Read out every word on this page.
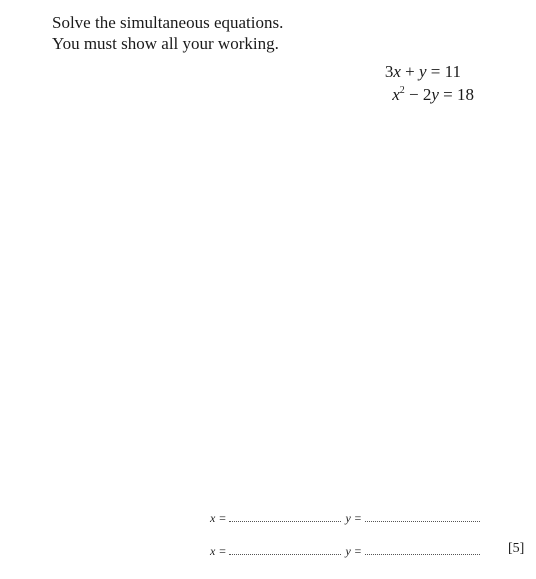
Solve the simultaneous equations.
You must show all your working.
3x + y = 11
$x^2 - 2y = 18$
x =	y =
x =	y =	[5]
